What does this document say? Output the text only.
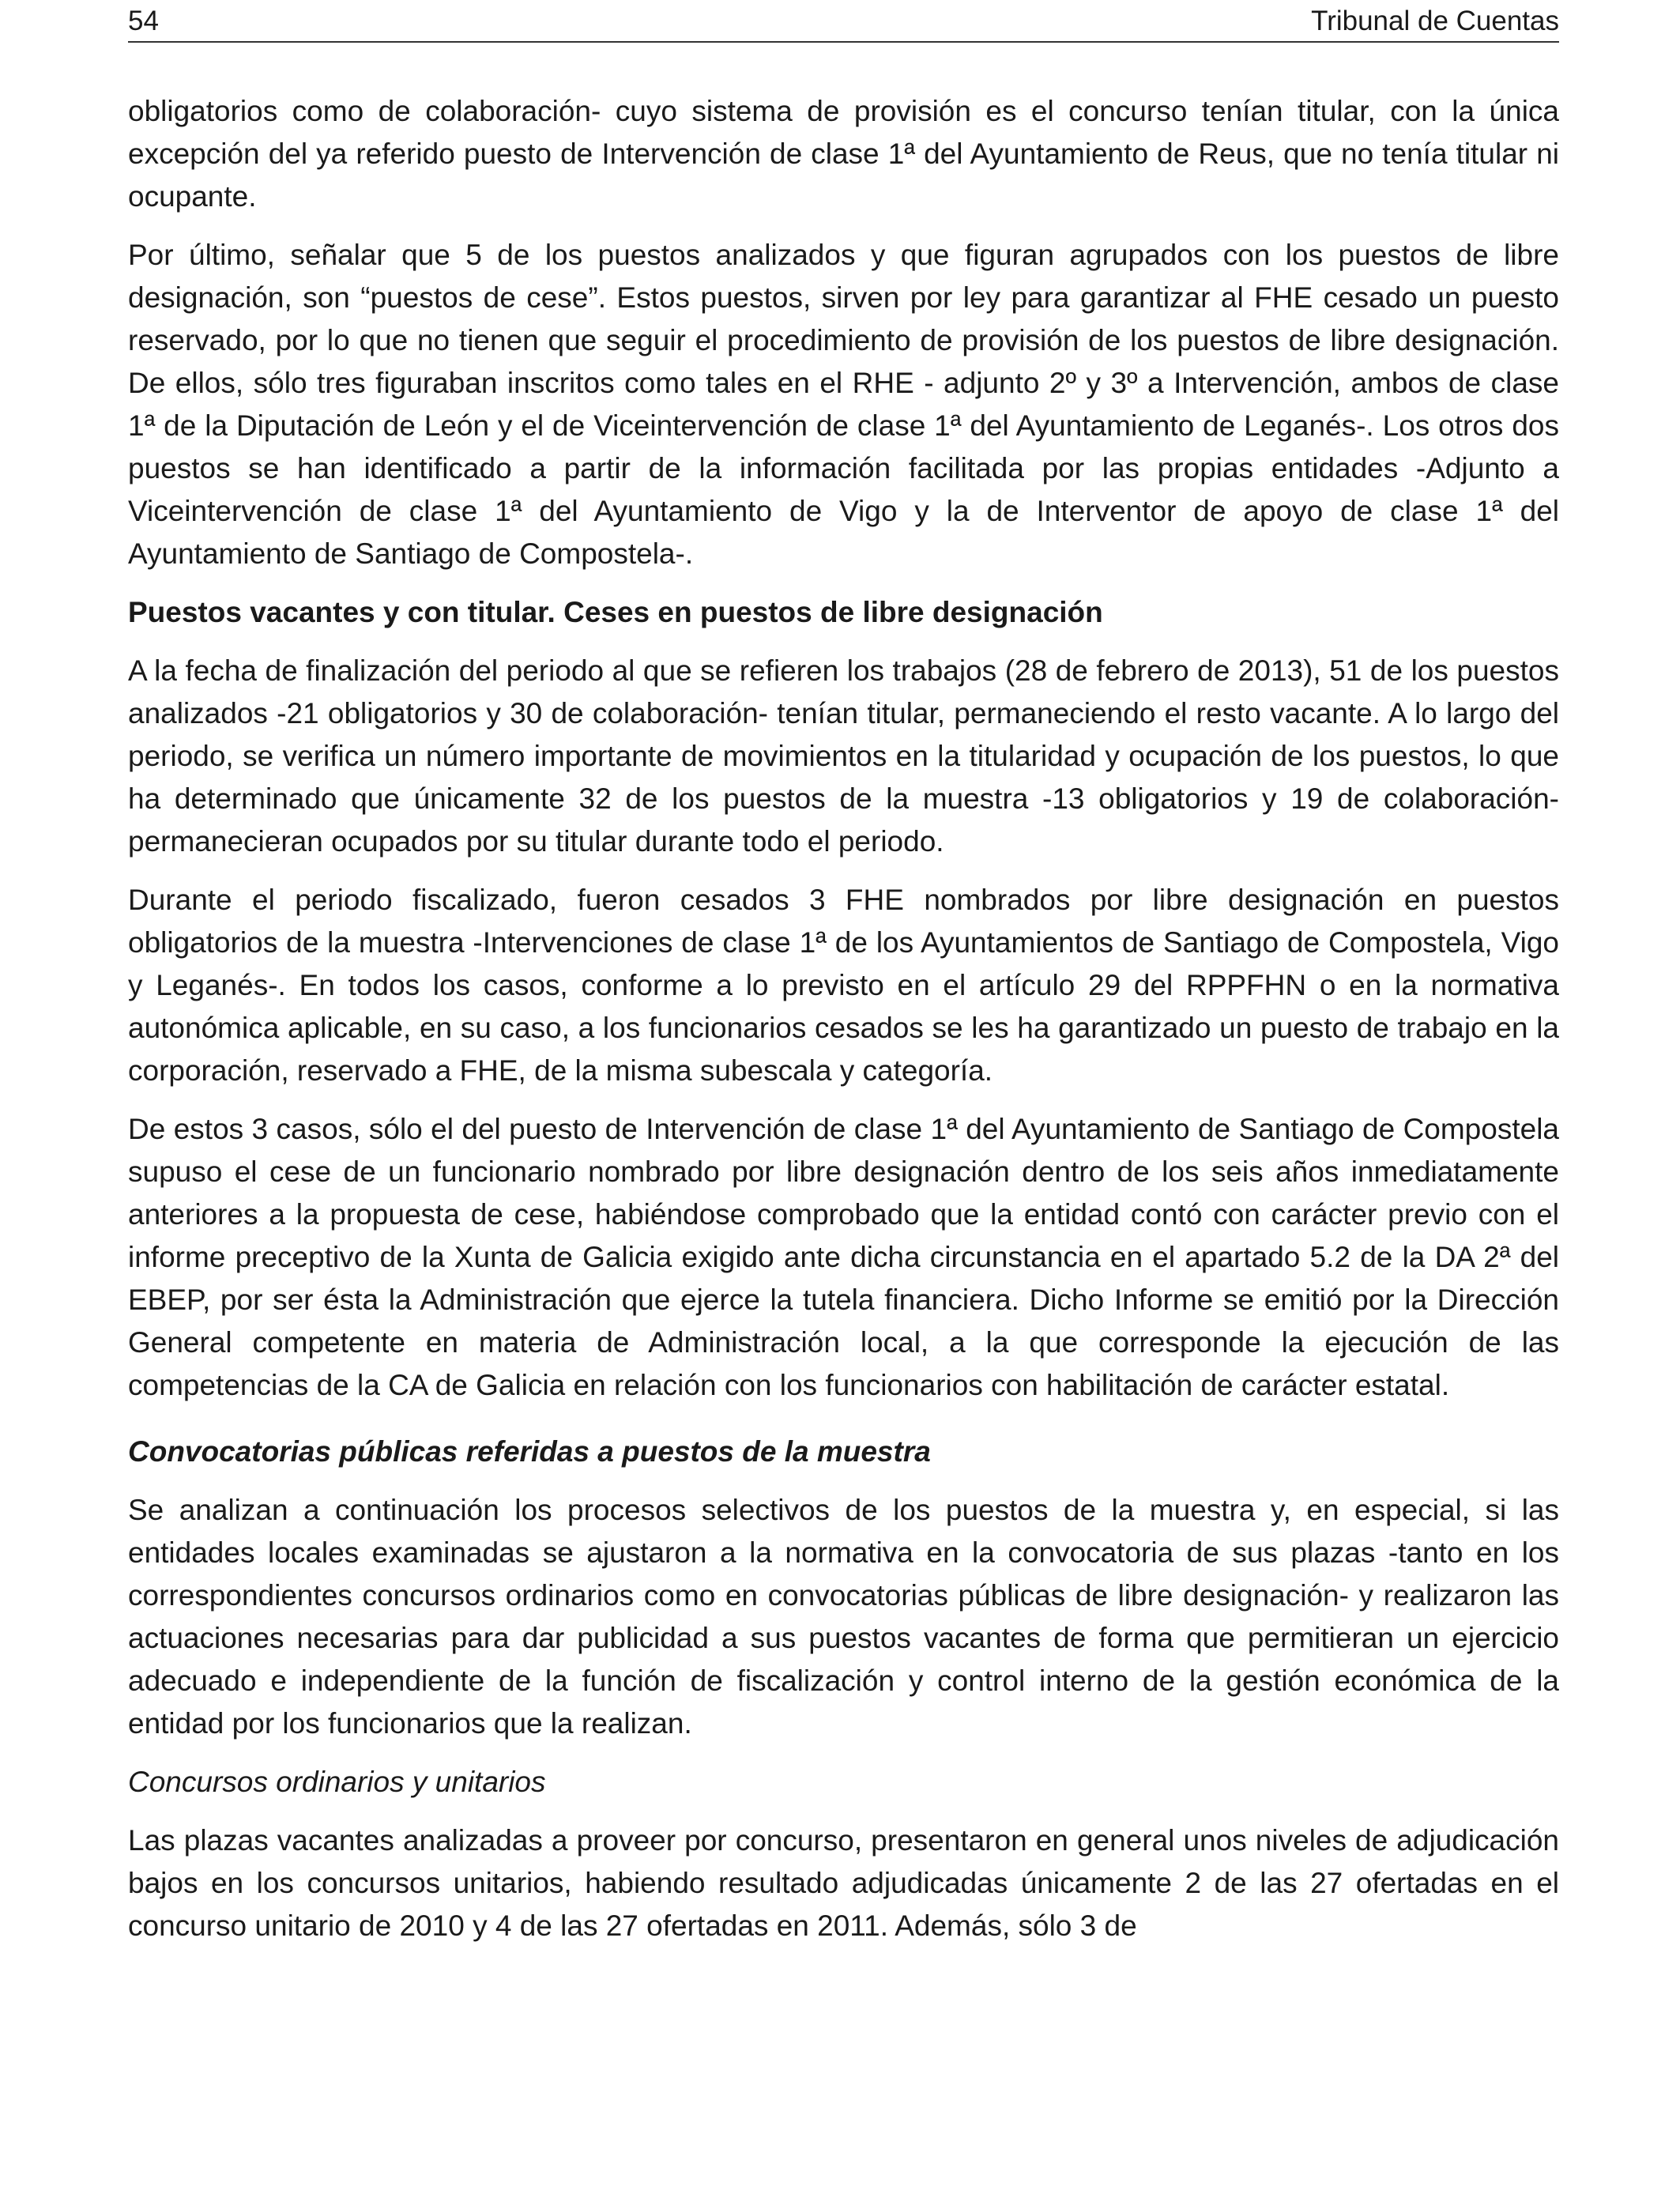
54	Tribunal de Cuentas

obligatorios como de colaboración- cuyo sistema de provisión es el concurso tenían titular, con la única excepción del ya referido puesto de Intervención de clase 1ª del Ayuntamiento de Reus, que no tenía titular ni ocupante.

Por último, señalar que 5 de los puestos analizados y que figuran agrupados con los puestos de libre designación, son “puestos de cese”. Estos puestos, sirven por ley para garantizar al FHE cesado un puesto reservado, por lo que no tienen que seguir el procedimiento de provisión de los puestos de libre designación. De ellos, sólo tres figuraban inscritos como tales en el RHE - adjunto 2º y 3º a Intervención, ambos de clase 1ª de la Diputación de León y el de Viceintervención de clase 1ª del Ayuntamiento de Leganés-. Los otros dos puestos se han identificado a partir de la información facilitada por las propias entidades -Adjunto a Viceintervención de clase 1ª del Ayuntamiento de Vigo y la de Interventor de apoyo de clase 1ª del Ayuntamiento de Santiago de Compostela-.

Puestos vacantes y con titular. Ceses en puestos de libre designación

A la fecha de finalización del periodo al que se refieren los trabajos (28 de febrero de 2013), 51 de los puestos analizados -21 obligatorios y 30 de colaboración- tenían titular, permaneciendo el resto vacante. A lo largo del periodo, se verifica un número importante de movimientos en la titularidad y ocupación de los puestos, lo que ha determinado que únicamente 32 de los puestos de la muestra -13 obligatorios y 19 de colaboración- permanecieran ocupados por su titular durante todo el periodo.

Durante el periodo fiscalizado, fueron cesados 3 FHE nombrados por libre designación en puestos obligatorios de la muestra -Intervenciones de clase 1ª de los Ayuntamientos de Santiago de Compostela, Vigo y Leganés-. En todos los casos, conforme a lo previsto en el artículo 29 del RPPFHN o en la normativa autonómica aplicable, en su caso, a los funcionarios cesados se les ha garantizado un puesto de trabajo en la corporación, reservado a FHE, de la misma subescala y categoría.

De estos 3 casos, sólo el del puesto de Intervención de clase 1ª del Ayuntamiento de Santiago de Compostela supuso el cese de un funcionario nombrado por libre designación dentro de los seis años inmediatamente anteriores a la propuesta de cese, habiéndose comprobado que la entidad contó con carácter previo con el informe preceptivo de la Xunta de Galicia exigido ante dicha circunstancia en el apartado 5.2 de la DA 2ª del EBEP, por ser ésta la Administración que ejerce la tutela financiera. Dicho Informe se emitió por la Dirección General competente en materia de Administración local, a la que corresponde la ejecución de las competencias de la CA de Galicia en relación con los funcionarios con habilitación de carácter estatal.

Convocatorias públicas referidas a puestos de la muestra

Se analizan a continuación los procesos selectivos de los puestos de la muestra y, en especial, si las entidades locales examinadas se ajustaron a la normativa en la convocatoria de sus plazas -tanto en los correspondientes concursos ordinarios como en convocatorias públicas de libre designación- y realizaron las actuaciones necesarias para dar publicidad a sus puestos vacantes de forma que permitieran un ejercicio adecuado e independiente de la función de fiscalización y control interno de la gestión económica de la entidad por los funcionarios que la realizan.

Concursos ordinarios y unitarios

Las plazas vacantes analizadas a proveer por concurso, presentaron en general unos niveles de adjudicación bajos en los concursos unitarios, habiendo resultado adjudicadas únicamente 2 de las 27 ofertadas en el concurso unitario de 2010 y 4 de las 27 ofertadas en 2011. Además, sólo 3 de
